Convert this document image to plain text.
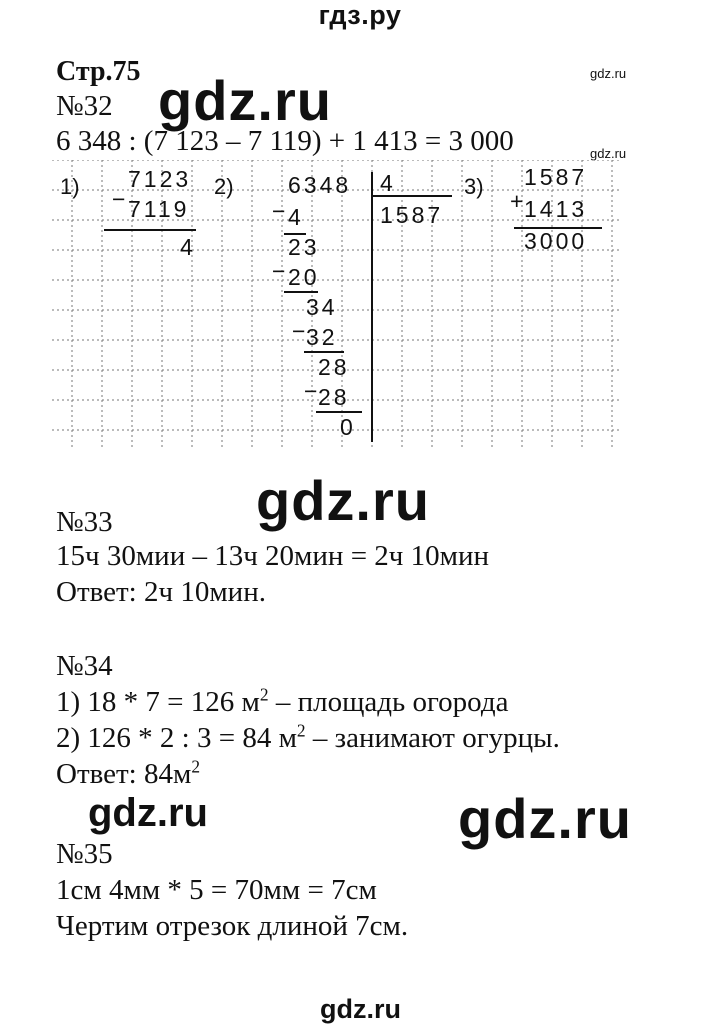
гдз.ру
gdz.ru	gdz.ru
gdz.ru
gdz.ru
gdz.ru	gdz.ru
gdz.ru
Стр.75
№32
6 348 : (7 123 – 7 119) + 1 413 = 3 000
1) 7123
− 7119
4
2) 6348 4
1587
− 4
23
− 20
34
−
32
28
−
28
0
3) 1587
+
1413
3000
№33
15ч 30мии – 13ч 20мин = 2ч 10мин
Ответ: 2ч 10мин.
№34
1) 18 * 7 = 126 $м^2$ – площадь огорода
2) 126 * 2 : 3 = 84 $м^2$ – занимают огурцы.
Ответ: $84м^2$
№35
1см 4мм * 5 = 70мм = 7см
Чертим отрезок длиной 7см.
